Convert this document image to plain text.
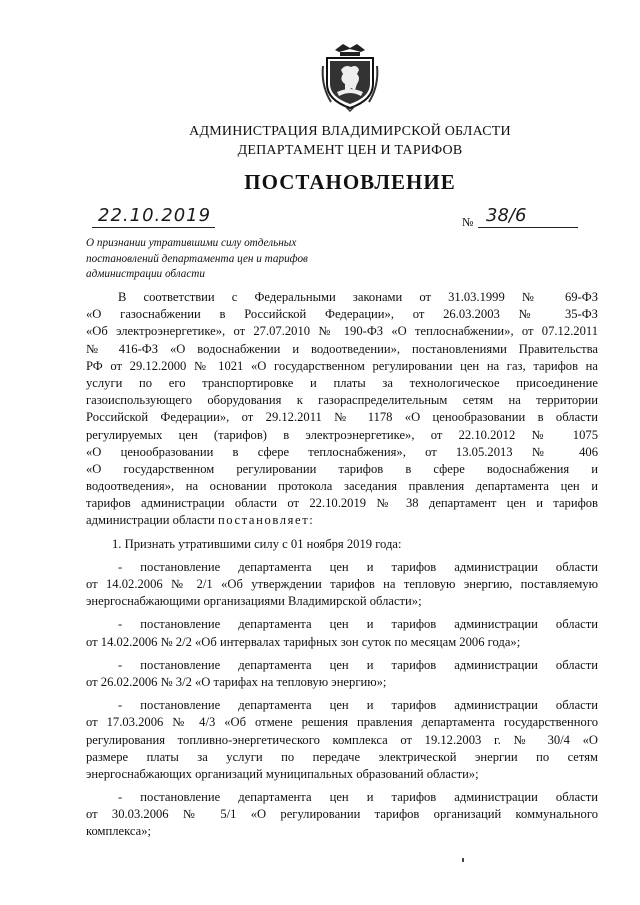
АДМИНИСТРАЦИЯ ВЛАДИМИРСКОЙ ОБЛАСТИ
ДЕПАРТАМЕНТ ЦЕН И ТАРИФОВ
ПОСТАНОВЛЕНИЕ
22.10.2019	№ 38/6
О признании утратившими силу отдельных
постановлений департамента цен и тарифов
администрации области
В соответствии с Федеральными законами от 31.03.1999 № 69-ФЗ
«О газоснабжении в Российской Федерации», от 26.03.2003 № 35-ФЗ
«Об электроэнергетике», от 27.07.2010 № 190-ФЗ «О теплоснабжении», от 07.12.2011
№ 416-ФЗ «О водоснабжении и водоотведении», постановлениями Правительства
РФ от 29.12.2000 № 1021 «О государственном регулировании цен на газ, тарифов на
услуги по его транспортировке и платы за технологическое присоединение
газоиспользующего оборудования к газораспределительным сетям на территории
Российской Федерации», от 29.12.2011 № 1178 «О ценообразовании в области
регулируемых цен (тарифов) в электроэнергетике», от 22.10.2012 № 1075
«О ценообразовании в сфере теплоснабжения», от 13.05.2013 № 406
«О государственном регулировании тарифов в сфере водоснабжения и
водоотведения», на основании протокола заседания правления департамента цен и
тарифов администрации области от 22.10.2019 № 38 департамент цен и тарифов
администрации области постановляет:
1. Признать утратившими силу с 01 ноября 2019 года:
- постановление департамента цен и тарифов администрации области
от 14.02.2006 № 2/1 «Об утверждении тарифов на тепловую энергию, поставляемую
энергоснабжающими организациями Владимирской области»;
- постановление департамента цен и тарифов администрации области
от 14.02.2006 № 2/2 «Об интервалах тарифных зон суток по месяцам 2006 года»;
- постановление департамента цен и тарифов администрации области
от 26.02.2006 № 3/2 «О тарифах на тепловую энергию»;
- постановление департамента цен и тарифов администрации области
от 17.03.2006 № 4/3 «Об отмене решения правления департамента государственного
регулирования топливно-энергетического комплекса от 19.12.2003 г. № 30/4 «О
размере платы за услуги по передаче электрической энергии по сетям
энергоснабжающих организаций муниципальных образований области»;
- постановление департамента цен и тарифов администрации области
от 30.03.2006 № 5/1 «О регулировании тарифов организаций коммунального
комплекса»;
